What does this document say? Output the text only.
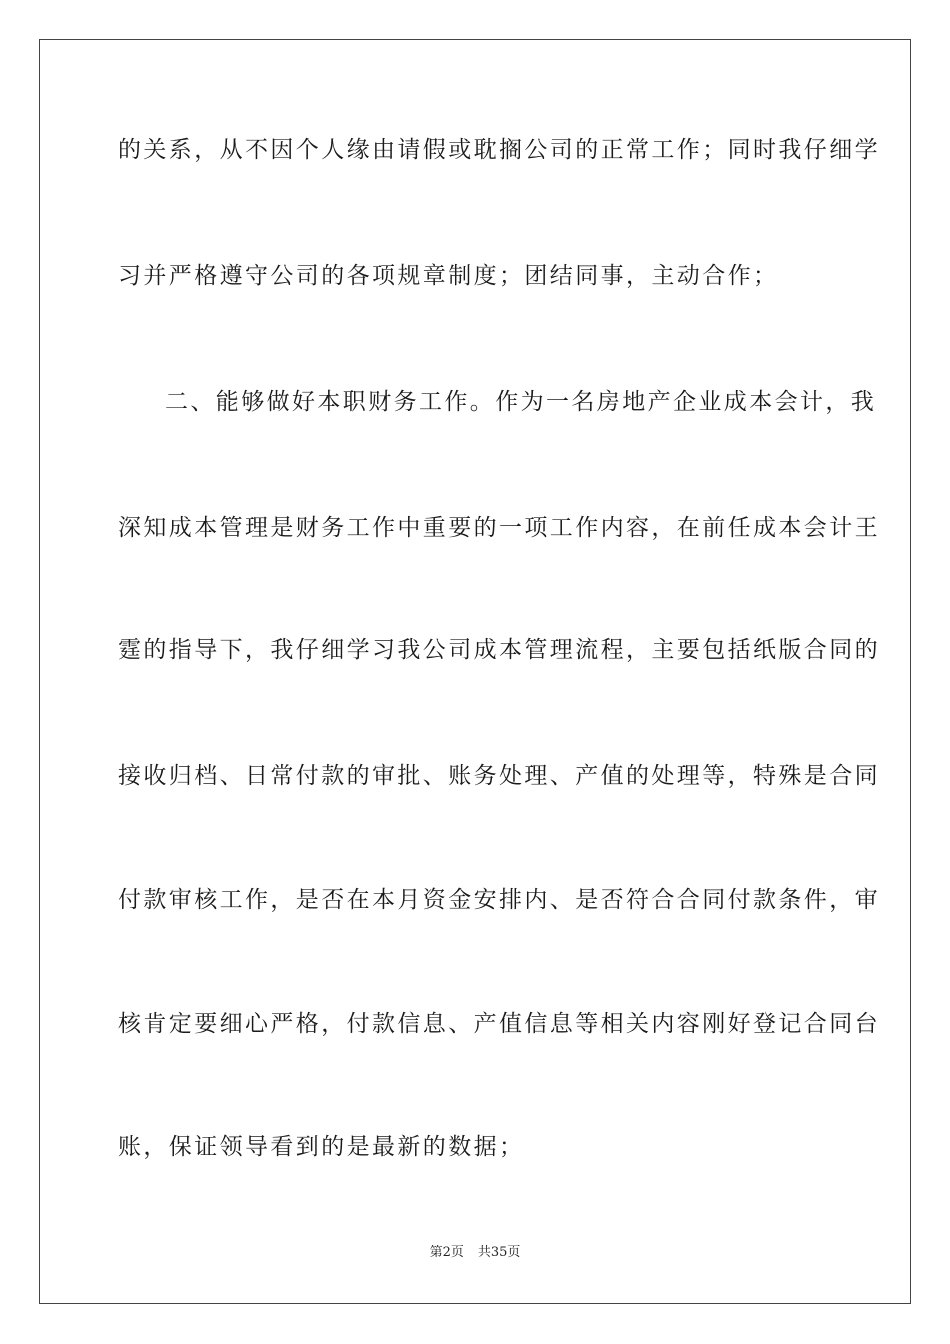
的关系，从不因个人缘由请假或耽搁公司的正常工作；同时我仔细学
习并严格遵守公司的各项规章制度；团结同事，主动合作；
二、能够做好本职财务工作。作为一名房地产企业成本会计，我
深知成本管理是财务工作中重要的一项工作内容，在前任成本会计王
霆的指导下，我仔细学习我公司成本管理流程，主要包括纸版合同的
接收归档、日常付款的审批、账务处理、产值的处理等，特殊是合同
付款审核工作，是否在本月资金安排内、是否符合合同付款条件，审
核肯定要细心严格，付款信息、产值信息等相关内容刚好登记合同台
账，保证领导看到的是最新的数据；
第2页 共35页
